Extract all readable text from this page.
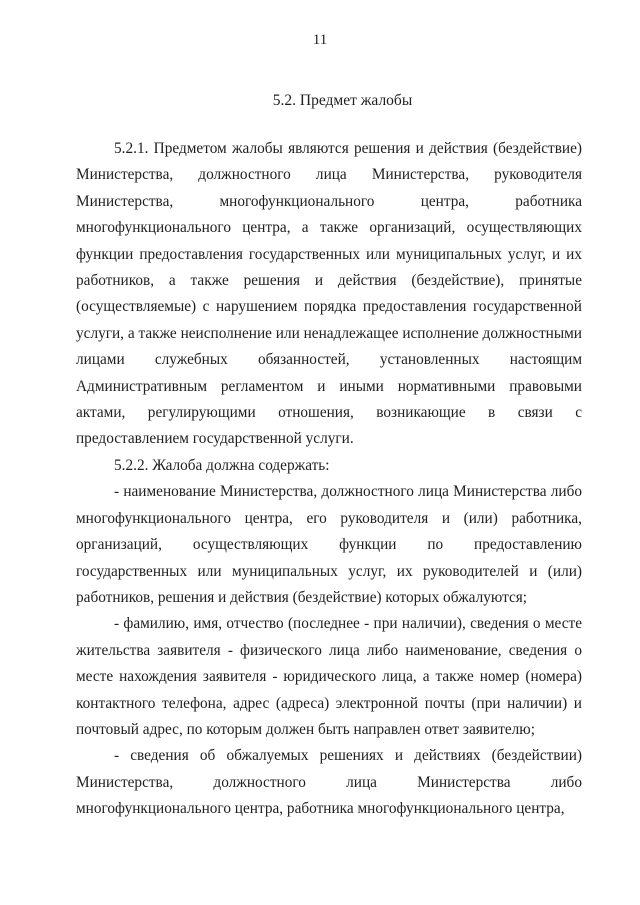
11
5.2. Предмет жалобы

5.2.1. Предметом жалобы являются решения и действия (бездействие) Министерства, должностного лица Министерства, руководителя Министерства, многофункционального центра, работника многофункционального центра, а также организаций, осуществляющих функции предоставления государственных или муниципальных услуг, и их работников, а также решения и действия (бездействие), принятые (осуществляемые) с нарушением порядка предоставления государственной услуги, а также неисполнение или ненадлежащее исполнение должностными лицами служебных обязанностей, установленных настоящим Административным регламентом и иными нормативными правовыми актами, регулирующими отношения, возникающие в связи с предоставлением государственной услуги.

5.2.2. Жалоба должна содержать:

- наименование Министерства, должностного лица Министерства либо многофункционального центра, его руководителя и (или) работника, организаций, осуществляющих функции по предоставлению государственных или муниципальных услуг, их руководителей и (или) работников, решения и действия (бездействие) которых обжалуются;

- фамилию, имя, отчество (последнее - при наличии), сведения о месте жительства заявителя - физического лица либо наименование, сведения о месте нахождения заявителя - юридического лица, а также номер (номера) контактного телефона, адрес (адреса) электронной почты (при наличии) и почтовый адрес, по которым должен быть направлен ответ заявителю;

- сведения об обжалуемых решениях и действиях (бездействии) Министерства, должностного лица Министерства либо многофункционального центра, работника многофункционального центра,
